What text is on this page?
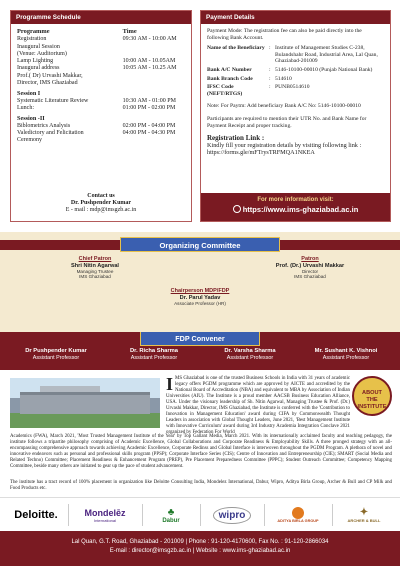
Programme Schedule
Programme	Time
Registration	09:30 AM - 10:00 AM
Inaugural Session
(Venue: Auditorium)
Lamp Lighting	10:00 AM - 10.05AM
Inaugural address	10:05 AM - 10.25 AM
Prof.( Dr) Urvashi Makkar,
Director, IMS Ghaziabad
Session I
Systematic Literature Review	10:30 AM - 01:00 PM
Lunch:	01:00 PM - 02:00 PM
Session -II
Biblometrics Analysis	02:00 PM - 04:00 PM
Valedictory and Felicitation	04:00 PM - 04:30 PM
Ceremony
Contact us
Dr. Pushpender Kumar
E - mail : mdp@imsgzb.ac.in
Payment Details
Payment Mode: The registration fee can also be paid directly into the following Bank Account.
Name of the Beneficiary : Institute of Management Studies C-238, Bulandshahr Road, Industrial Area, Lal Quan, Ghaziabad-201009
Bank A/C Number	: 5146-10100-00010 (Punjab National Bank)
Bank Branch Code	: 514610
IFSC Code (NEFT/RTGS)
: PUNB0514610
Note: For Paytm: Add beneficiary Bank A/C No: 5146-10100-00010
Participants are required to mention their UTR No. and Bank Name for Payment Receipt and proper tracking.
Registration Link :
Kindly fill your registration details by visiting following link : https://forms.gle/mFTrysTRFMQA1NKEA
For more information visit:
https://www.ims-ghaziabad.ac.in
Organizing Committee
Chief Patron
Shri Nitin Agarwal
Managing Trustee
IMS Ghaziabad
Patron
Prof. (Dr.) Urvashi Makkar
Director
IMS Ghaziabad
Chairperson MDP/FDP
Dr. Parul Yadav
Associate Professor (HR)
FDP Convener
Dr Pushpender Kumar
Assistant Professor
Dr. Richa Sharma
Assistant Professor
Dr. Varsha Sharma
Assistant Professor
Mr. Sushant K. Vishnoi
Assistant Professor
ABOUT
THE
INSTITUTE
IMS Ghaziabad is one of the trusted Business Schools in India with 31 years of academic legacy offers PGDM programme which are approved by AICTE and accredited by the National Board of Accreditation (NBA) and equivalent to MBA by Association of Indian Universities (AIU). The Institute is a proud member AACSB Business Education Alliance, USA. Under the visionary leadership of Sh. Nitin Agarwal, Managing Trustee & Prof. (Dr.) Urvashi Makkar, Director, IMS Ghaziabad, the Institute is conferred with the 'Contribution to Innovation in Management Education' award during CIFA by Commonwealth Thought Leaders in association with Global Thought Leaders, June 2021, 'Best Management Institute with Innovative Curriculum' award during 3rd Industry Academia Integration Conclave 2021 organized by Federation For World
Academics (FWA), March 2021, 'Most Trusted Management Institute of the Year' by Top Gallant Media, March 2021. With its internationally acclaimed faculty and teaching pedagogy, the institute follows a tripartite philosophy comprising of Academic Excellence, Global Collaborations and Corporate Readiness & Employability Skills. A three pronged strategy with an all-encompassing comprehensive approach towards achieving Academic Excellence, Corporate Redinss and Global Interface is interwoven throughout the PGDM Program. A plethora of novel and innovative endeavors such as personal and professional skills program (PPSP); Corporate Interface Series (CIS); Centre of Innovation and Entrepreneurship (CIE); SMART (Social Media and Related Techno) Committee; Placement Readiness & Enhancement Program (PREP), Pre Placement Preparedness Committee (PPPC); Student Outreach Committee; Competency Mapping Committee, beside many others are initiated to gear up the pace of student advancement.
The institute has a tract record of 100% placement in organization like Deloitte Consulting India, Mondelez International, Dabur, Wipro, Aditya Birla Group, Archer & Bull and CP Milk and Food Products etc.
Deloitte.	Mondelēz
International
♣
Dabur	wipro
ADITYA BIRLA GROUP
✦
ARCHER & BULL
Lal Quan, G.T. Road, Ghaziabad - 201009 | Phone : 91-120-4170600, Fax No. : 91-120-2866034
E-mail : director@imsgzb.ac.in | Website : www.ims-ghaziabad.ac.in
